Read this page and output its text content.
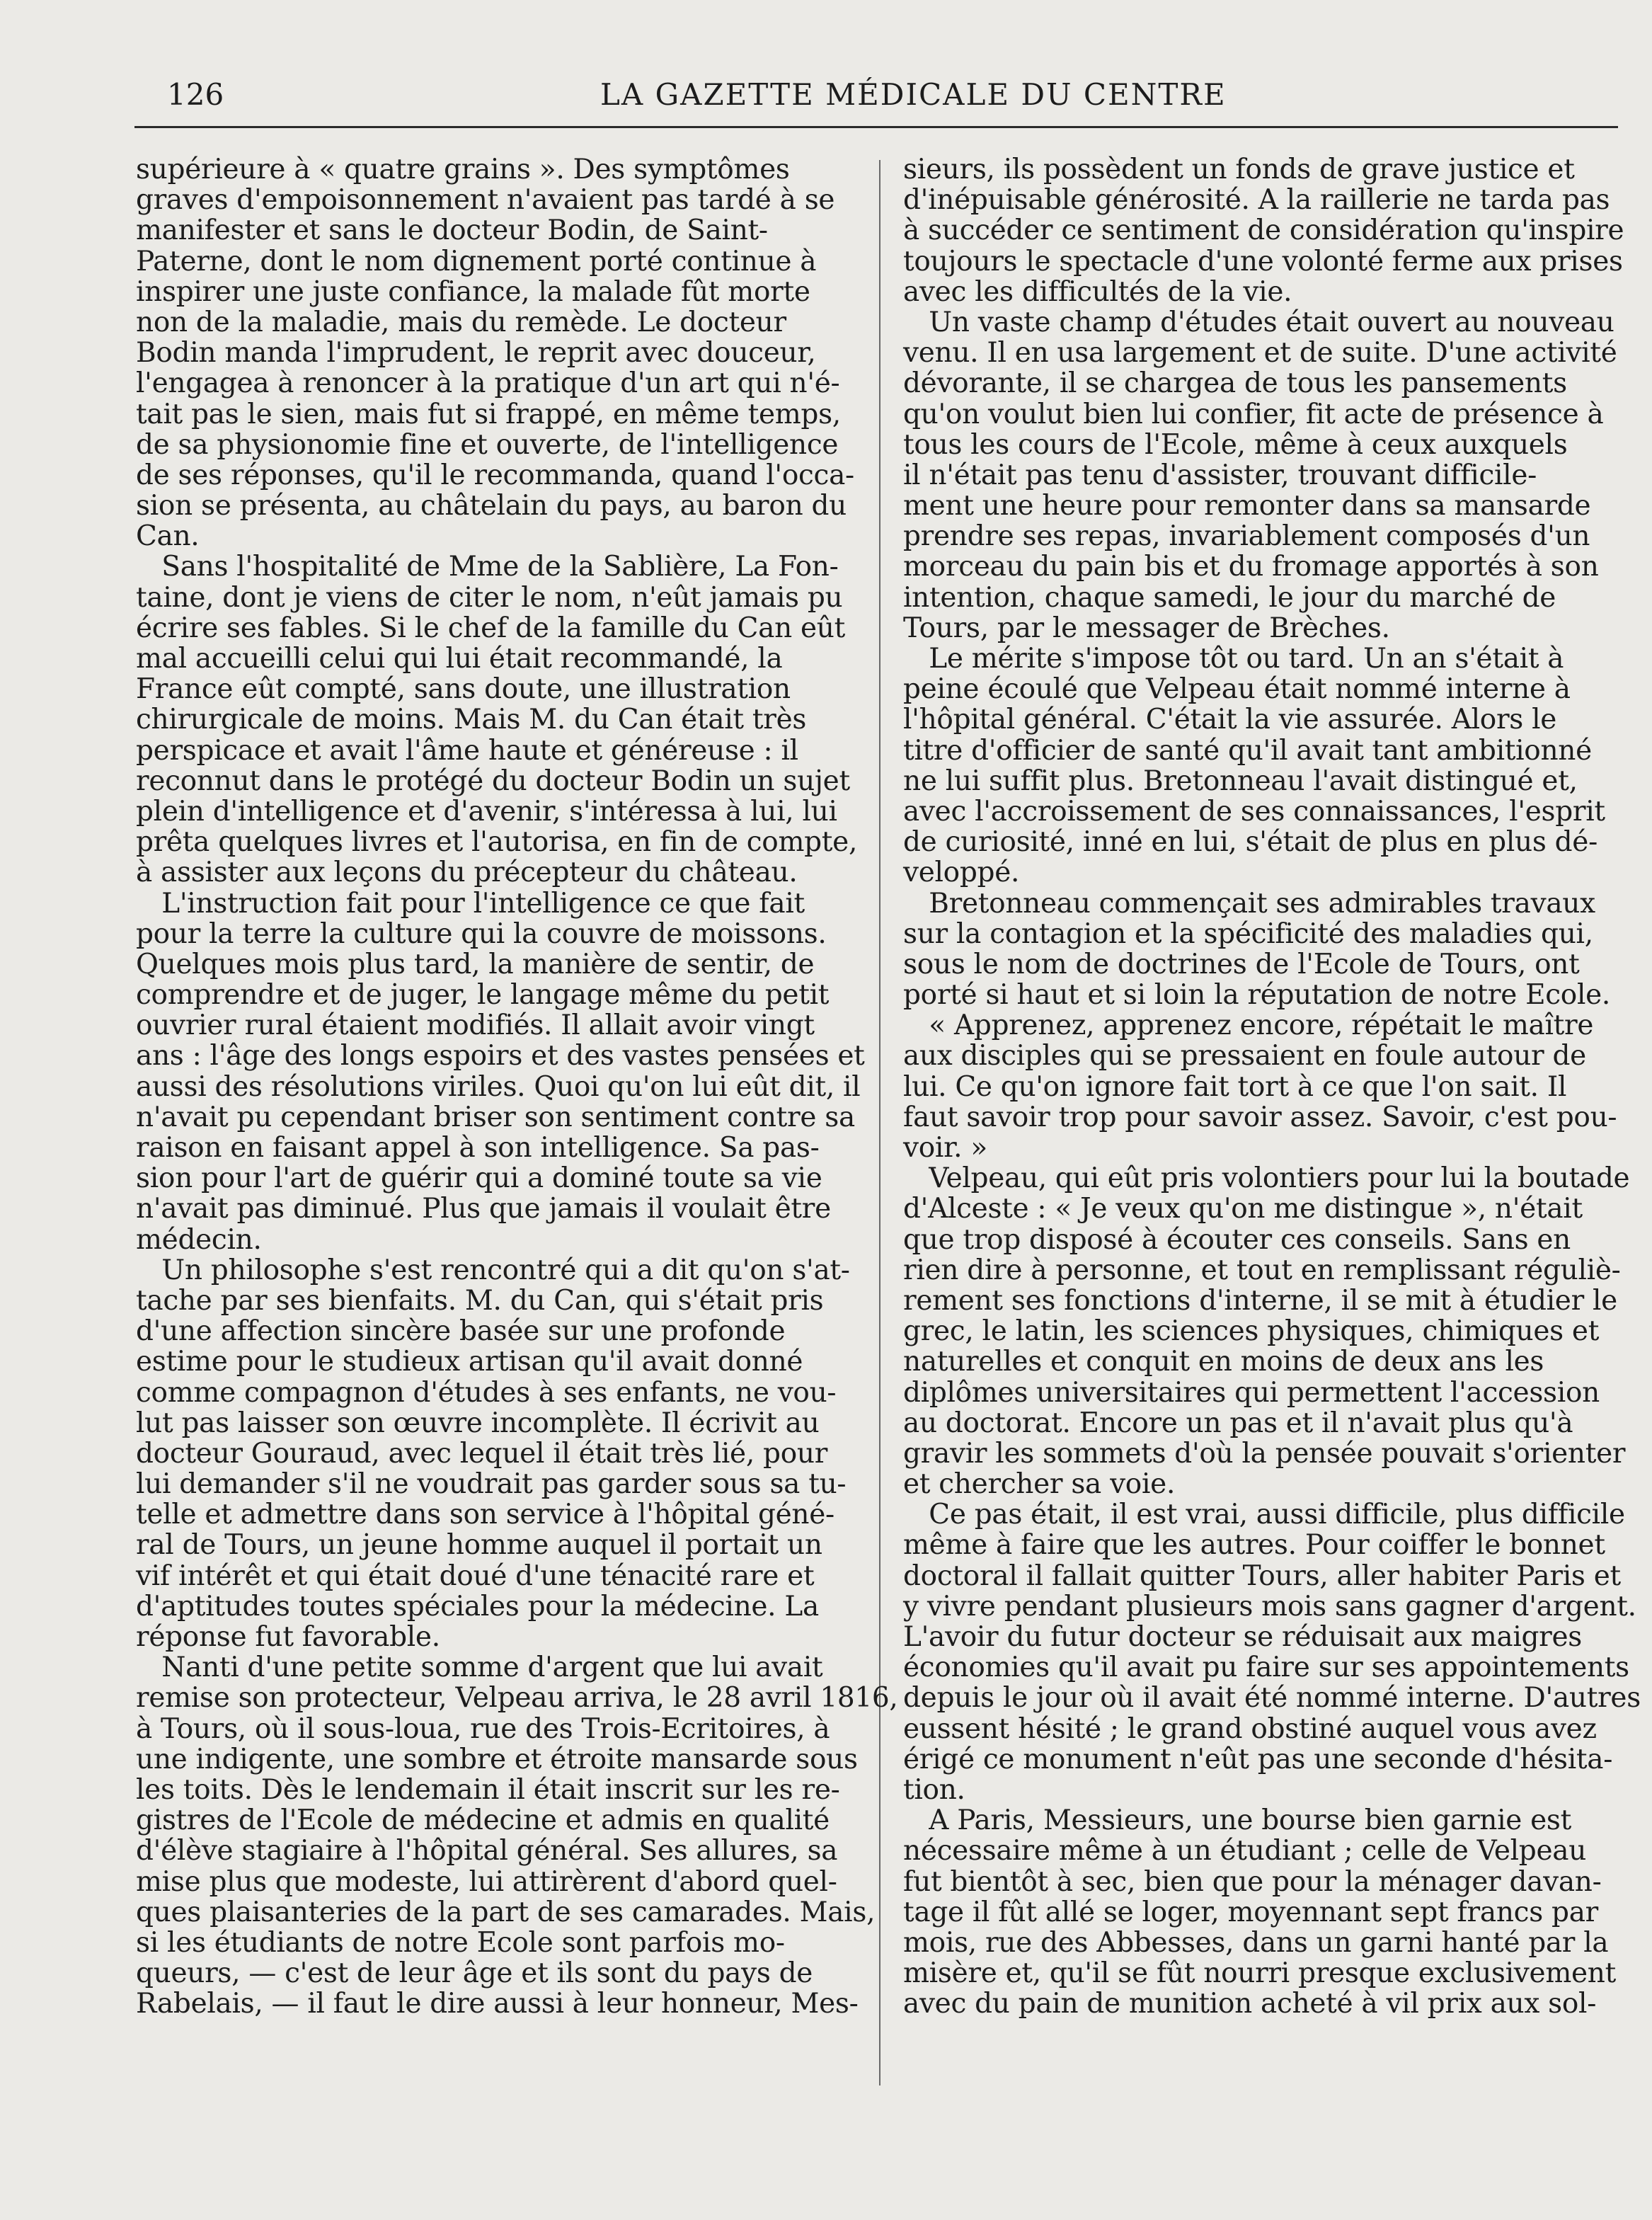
126	LA GAZETTE MÉDICALE DU CENTRE
supérieure à « quatre grains ». Des symptômes
graves d'empoisonnement n'avaient pas tardé à se
manifester et sans le docteur Bodin, de Saint-
Paterne, dont le nom dignement porté continue à
inspirer une juste confiance, la malade fût morte
non de la maladie, mais du remède. Le docteur
Bodin manda l'imprudent, le reprit avec douceur,
l'engagea à renoncer à la pratique d'un art qui n'é-
tait pas le sien, mais fut si frappé, en même temps,
de sa physionomie fine et ouverte, de l'intelligence
de ses réponses, qu'il le recommanda, quand l'occa-
sion se présenta, au châtelain du pays, au baron du
Can.
Sans l'hospitalité de Mme de la Sablière, La Fon-
taine, dont je viens de citer le nom, n'eût jamais pu
écrire ses fables. Si le chef de la famille du Can eût
mal accueilli celui qui lui était recommandé, la
France eût compté, sans doute, une illustration
chirurgicale de moins. Mais M. du Can était très
perspicace et avait l'âme haute et généreuse : il
reconnut dans le protégé du docteur Bodin un sujet
plein d'intelligence et d'avenir, s'intéressa à lui, lui
prêta quelques livres et l'autorisa, en fin de compte,
à assister aux leçons du précepteur du château.
L'instruction fait pour l'intelligence ce que fait
pour la terre la culture qui la couvre de moissons.
Quelques mois plus tard, la manière de sentir, de
comprendre et de juger, le langage même du petit
ouvrier rural étaient modifiés. Il allait avoir vingt
ans : l'âge des longs espoirs et des vastes pensées et
aussi des résolutions viriles. Quoi qu'on lui eût dit, il
n'avait pu cependant briser son sentiment contre sa
raison en faisant appel à son intelligence. Sa pas-
sion pour l'art de guérir qui a dominé toute sa vie
n'avait pas diminué. Plus que jamais il voulait être
médecin.
Un philosophe s'est rencontré qui a dit qu'on s'at-
tache par ses bienfaits. M. du Can, qui s'était pris
d'une affection sincère basée sur une profonde
estime pour le studieux artisan qu'il avait donné
comme compagnon d'études à ses enfants, ne vou-
lut pas laisser son œuvre incomplète. Il écrivit au
docteur Gouraud, avec lequel il était très lié, pour
lui demander s'il ne voudrait pas garder sous sa tu-
telle et admettre dans son service à l'hôpital géné-
ral de Tours, un jeune homme auquel il portait un
vif intérêt et qui était doué d'une ténacité rare et
d'aptitudes toutes spéciales pour la médecine. La
réponse fut favorable.
Nanti d'une petite somme d'argent que lui avait
remise son protecteur, Velpeau arriva, le 28 avril 1816,
à Tours, où il sous-loua, rue des Trois-Ecritoires, à
une indigente, une sombre et étroite mansarde sous
les toits. Dès le lendemain il était inscrit sur les re-
gistres de l'Ecole de médecine et admis en qualité
d'élève stagiaire à l'hôpital général. Ses allures, sa
mise plus que modeste, lui attirèrent d'abord quel-
ques plaisanteries de la part de ses camarades. Mais,
si les étudiants de notre Ecole sont parfois mo-
queurs, — c'est de leur âge et ils sont du pays de
Rabelais, — il faut le dire aussi à leur honneur, Mes-
sieurs, ils possèdent un fonds de grave justice et
d'inépuisable générosité. A la raillerie ne tarda pas
à succéder ce sentiment de considération qu'inspire
toujours le spectacle d'une volonté ferme aux prises
avec les difficultés de la vie.
Un vaste champ d'études était ouvert au nouveau
venu. Il en usa largement et de suite. D'une activité
dévorante, il se chargea de tous les pansements
qu'on voulut bien lui confier, fit acte de présence à
tous les cours de l'Ecole, même à ceux auxquels
il n'était pas tenu d'assister, trouvant difficile-
ment une heure pour remonter dans sa mansarde
prendre ses repas, invariablement composés d'un
morceau du pain bis et du fromage apportés à son
intention, chaque samedi, le jour du marché de
Tours, par le messager de Brèches.
Le mérite s'impose tôt ou tard. Un an s'était à
peine écoulé que Velpeau était nommé interne à
l'hôpital général. C'était la vie assurée. Alors le
titre d'officier de santé qu'il avait tant ambitionné
ne lui suffit plus. Bretonneau l'avait distingué et,
avec l'accroissement de ses connaissances, l'esprit
de curiosité, inné en lui, s'était de plus en plus dé-
veloppé.
Bretonneau commençait ses admirables travaux
sur la contagion et la spécificité des maladies qui,
sous le nom de doctrines de l'Ecole de Tours, ont
porté si haut et si loin la réputation de notre Ecole.
« Apprenez, apprenez encore, répétait le maître
aux disciples qui se pressaient en foule autour de
lui. Ce qu'on ignore fait tort à ce que l'on sait. Il
faut savoir trop pour savoir assez. Savoir, c'est pou-
voir. »
Velpeau, qui eût pris volontiers pour lui la boutade
d'Alceste : « Je veux qu'on me distingue », n'était
que trop disposé à écouter ces conseils. Sans en
rien dire à personne, et tout en remplissant réguliè-
rement ses fonctions d'interne, il se mit à étudier le
grec, le latin, les sciences physiques, chimiques et
naturelles et conquit en moins de deux ans les
diplômes universitaires qui permettent l'accession
au doctorat. Encore un pas et il n'avait plus qu'à
gravir les sommets d'où la pensée pouvait s'orienter
et chercher sa voie.
Ce pas était, il est vrai, aussi difficile, plus difficile
même à faire que les autres. Pour coiffer le bonnet
doctoral il fallait quitter Tours, aller habiter Paris et
y vivre pendant plusieurs mois sans gagner d'argent.
L'avoir du futur docteur se réduisait aux maigres
économies qu'il avait pu faire sur ses appointements
depuis le jour où il avait été nommé interne. D'autres
eussent hésité ; le grand obstiné auquel vous avez
érigé ce monument n'eût pas une seconde d'hésita-
tion.
A Paris, Messieurs, une bourse bien garnie est
nécessaire même à un étudiant ; celle de Velpeau
fut bientôt à sec, bien que pour la ménager davan-
tage il fût allé se loger, moyennant sept francs par
mois, rue des Abbesses, dans un garni hanté par la
misère et, qu'il se fût nourri presque exclusivement
avec du pain de munition acheté à vil prix aux sol-
